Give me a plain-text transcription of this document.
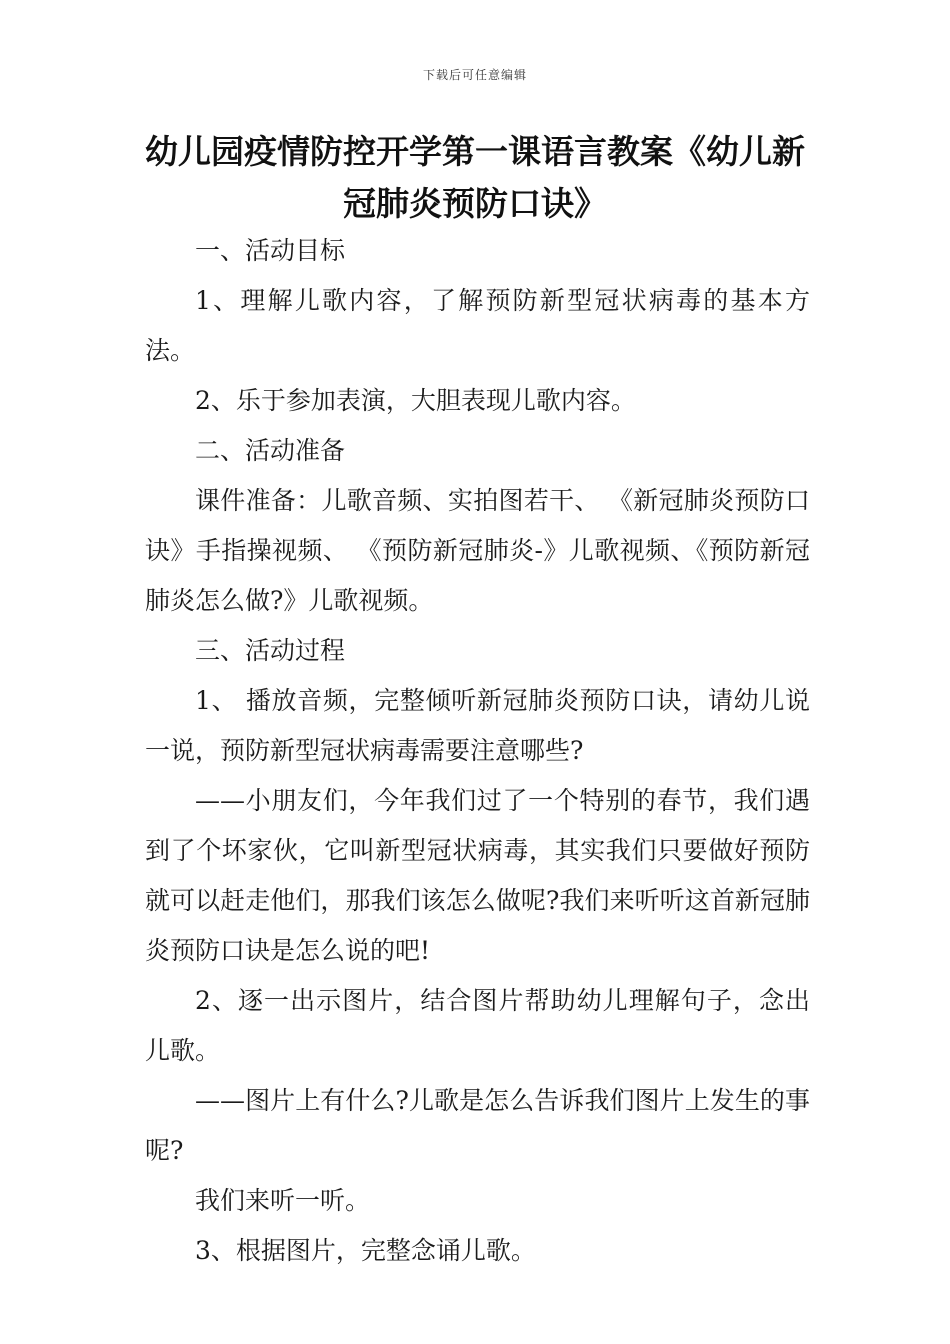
下载后可任意编辑
幼儿园疫情防控开学第一课语言教案《幼儿新冠肺炎预防口诀》

一、活动目标

1、理解儿歌内容，了解预防新型冠状病毒的基本方法。

2、乐于参加表演，大胆表现儿歌内容。

二、活动准备

课件准备：儿歌音频、实拍图若干、 《新冠肺炎预防口诀》手指操视频、 《预防新冠肺炎-》儿歌视频、《预防新冠肺炎怎么做?》儿歌视频。

三、活动过程

1、 播放音频，完整倾听新冠肺炎预防口诀，请幼儿说一说，预防新型冠状病毒需要注意哪些?

——小朋友们，今年我们过了一个特别的春节，我们遇到了个坏家伙，它叫新型冠状病毒，其实我们只要做好预防就可以赶走他们，那我们该怎么做呢?我们来听听这首新冠肺炎预防口诀是怎么说的吧!

2、逐一出示图片，结合图片帮助幼儿理解句子，念出儿歌。

——图片上有什么?儿歌是怎么告诉我们图片上发生的事呢?

我们来听一听。

3、根据图片，完整念诵儿歌。
